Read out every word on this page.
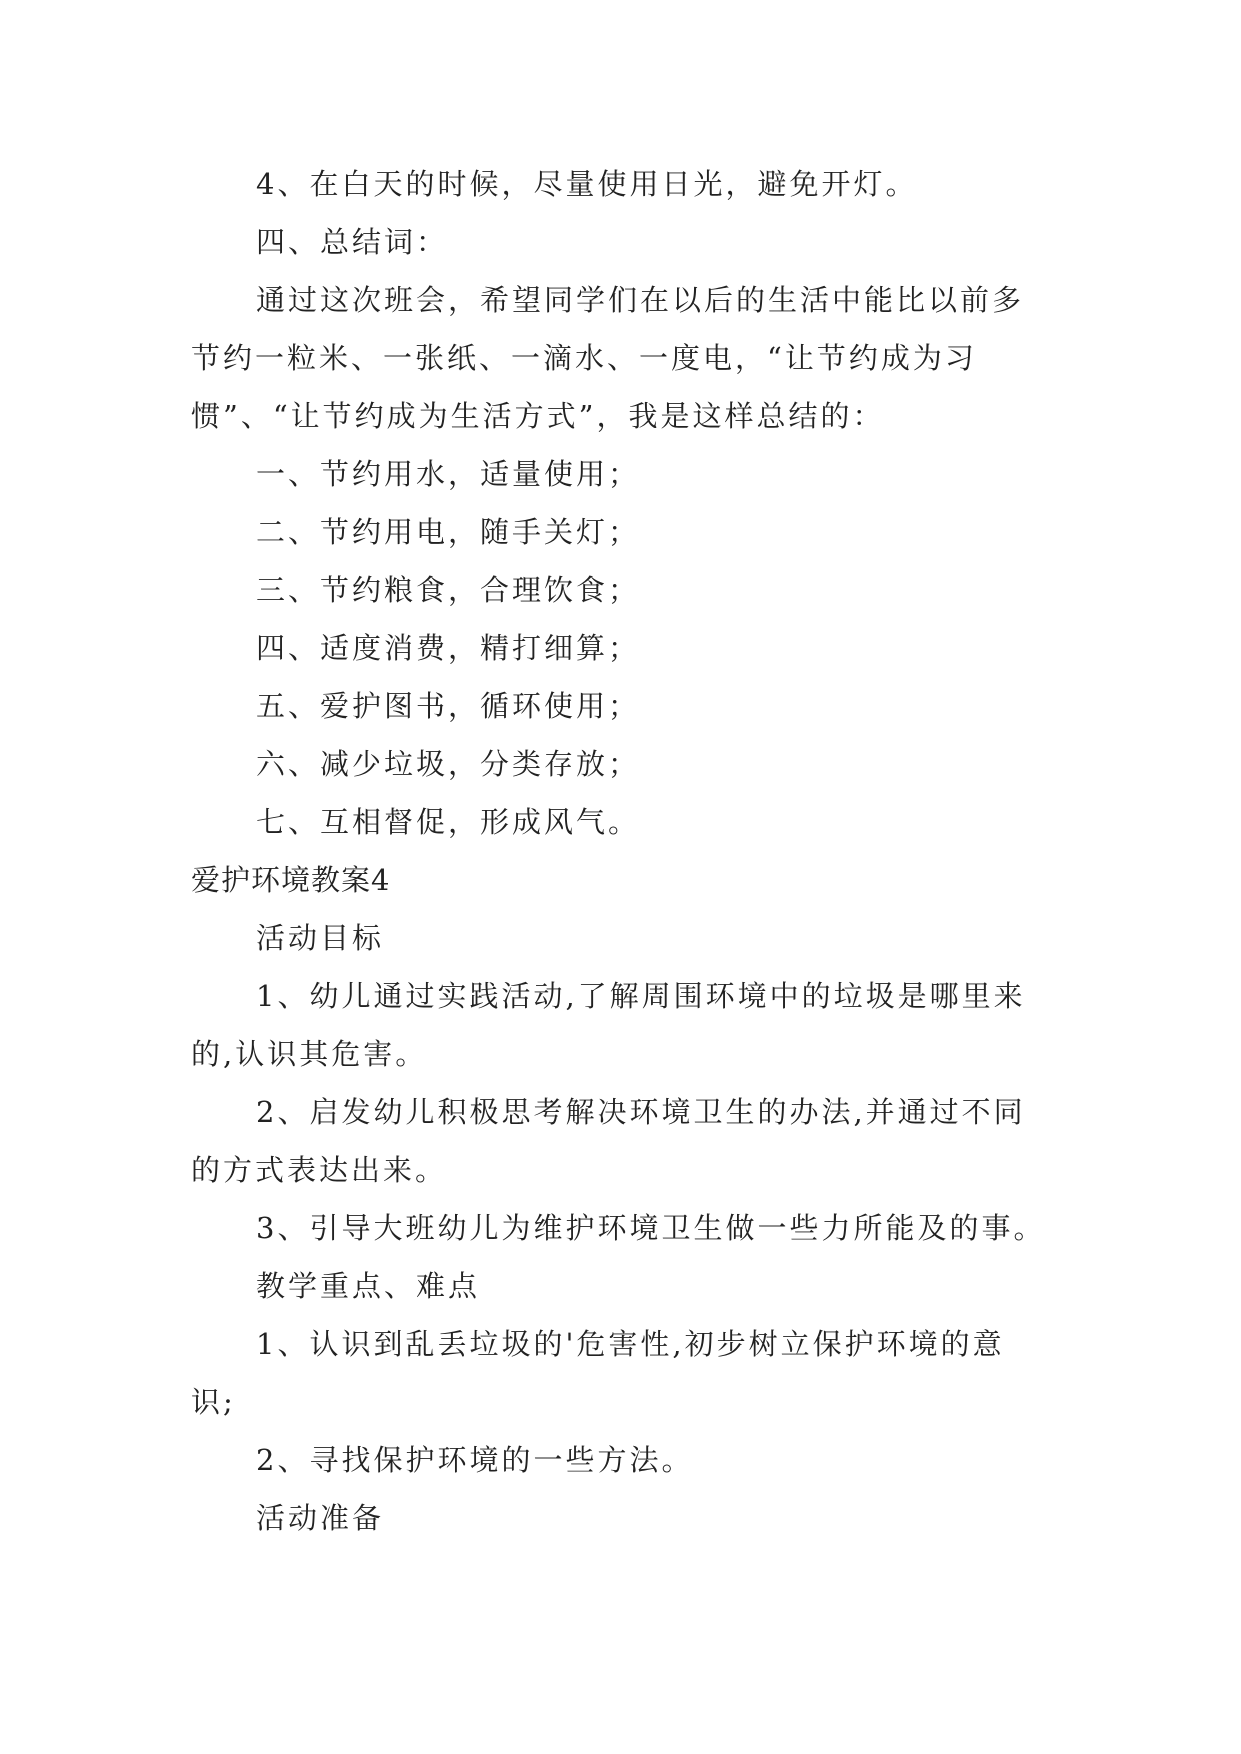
4、在白天的时候，尽量使用日光，避免开灯。

四、总结词：

通过这次班会，希望同学们在以后的生活中能比以前多

节约一粒米、一张纸、一滴水、一度电，“让节约成为习

惯”、“让节约成为生活方式”，我是这样总结的：

一、节约用水，适量使用；

二、节约用电，随手关灯；

三、节约粮食，合理饮食；

四、适度消费，精打细算；

五、爱护图书，循环使用；

六、减少垃圾，分类存放；

七、互相督促，形成风气。

爱护环境教案4

活动目标

1、幼儿通过实践活动,了解周围环境中的垃圾是哪里来

的,认识其危害。

2、启发幼儿积极思考解决环境卫生的办法,并通过不同

的方式表达出来。

3、引导大班幼儿为维护环境卫生做一些力所能及的事。

教学重点、难点

1、认识到乱丢垃圾的'危害性,初步树立保护环境的意

识;

2、寻找保护环境的一些方法。

活动准备
